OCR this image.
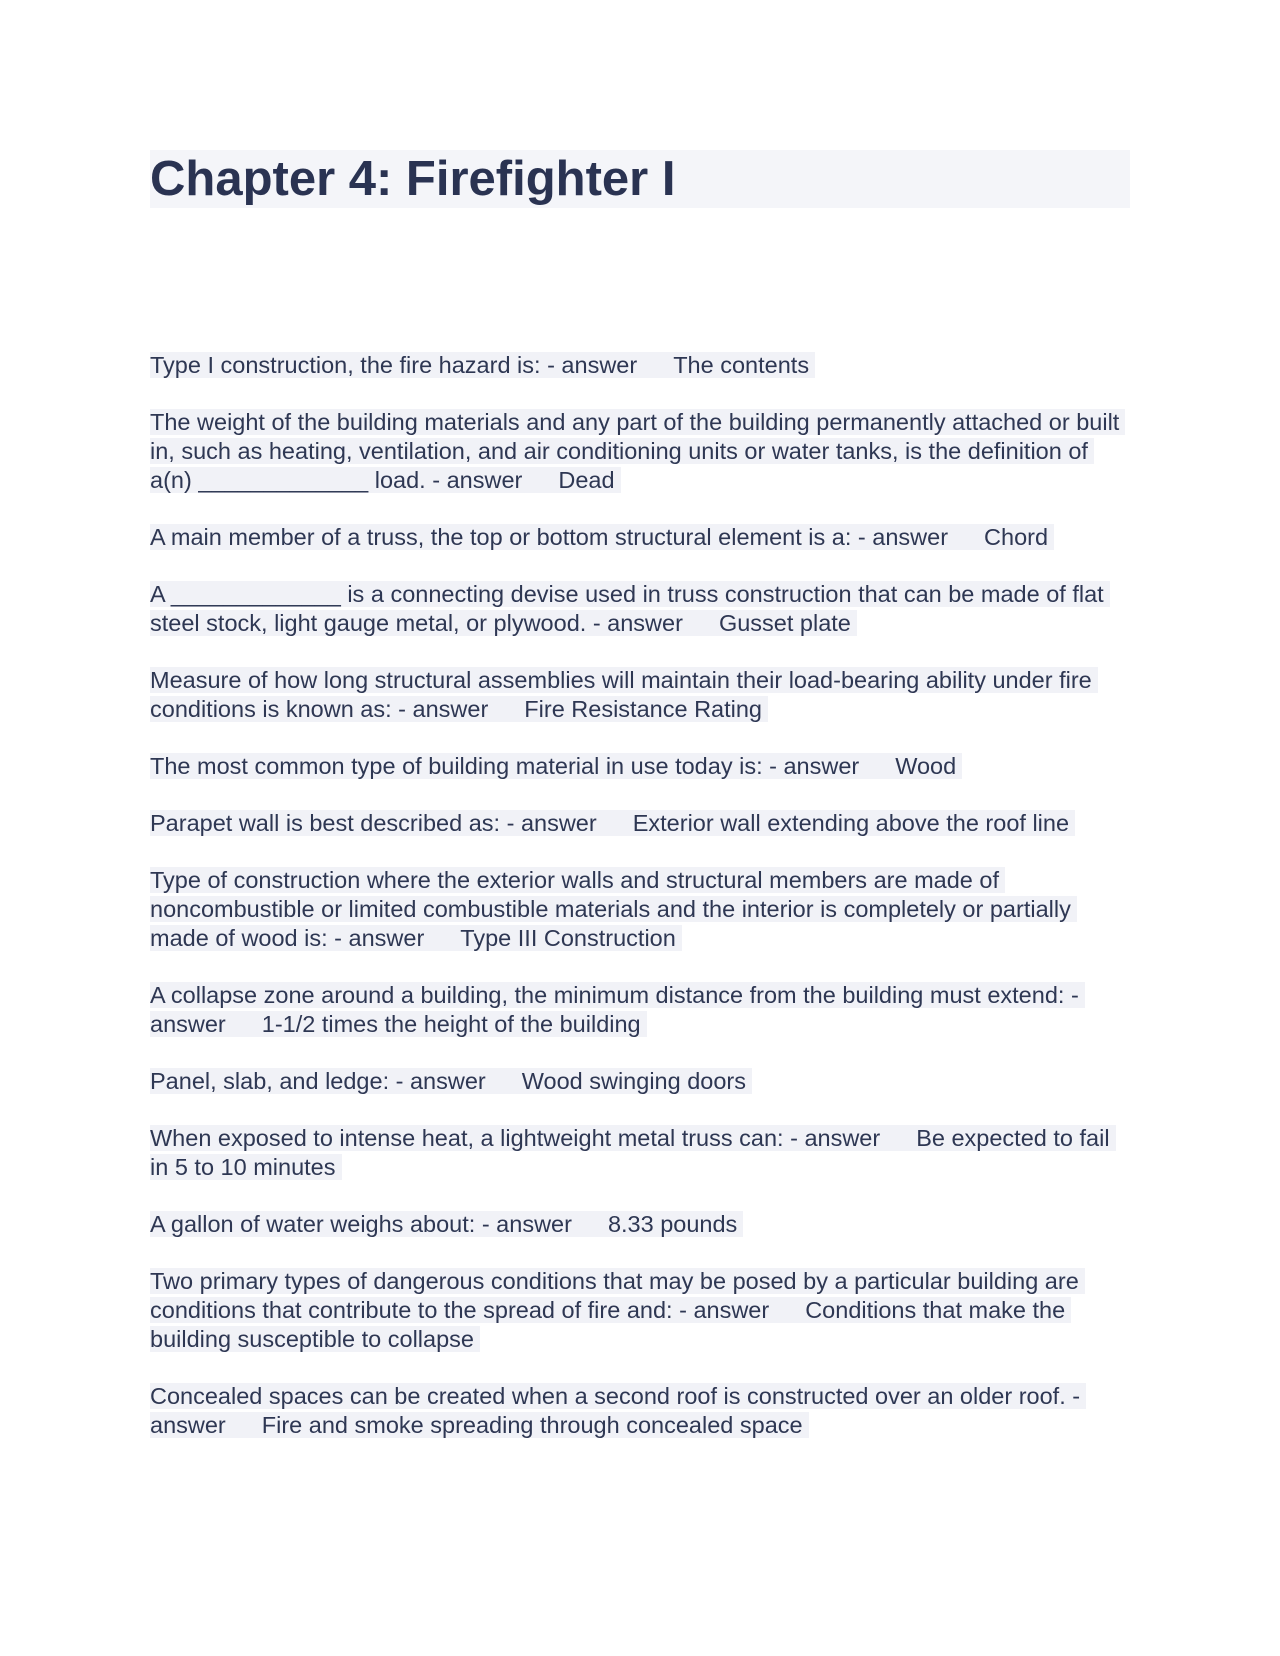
Chapter 4: Firefighter I

Type I construction, the fire hazard is: - answer The contents

The weight of the building materials and any part of the building permanently attached or built in, such as heating, ventilation, and air conditioning units or water tanks, is the definition of a(n) _____________ load. - answer Dead

A main member of a truss, the top or bottom structural element is a: - answer Chord

A _____________ is a connecting devise used in truss construction that can be made of flat steel stock, light gauge metal, or plywood. - answer Gusset plate

Measure of how long structural assemblies will maintain their load-bearing ability under fire conditions is known as: - answer Fire Resistance Rating

The most common type of building material in use today is: - answer Wood

Parapet wall is best described as: - answer Exterior wall extending above the roof line

Type of construction where the exterior walls and structural members are made of noncombustible or limited combustible materials and the interior is completely or partially made of wood is: - answer Type III Construction

A collapse zone around a building, the minimum distance from the building must extend: - answer 1-1/2 times the height of the building

Panel, slab, and ledge: - answer Wood swinging doors

When exposed to intense heat, a lightweight metal truss can: - answer Be expected to fail in 5 to 10 minutes

A gallon of water weighs about: - answer 8.33 pounds

Two primary types of dangerous conditions that may be posed by a particular building are conditions that contribute to the spread of fire and: - answer Conditions that make the building susceptible to collapse

Concealed spaces can be created when a second roof is constructed over an older roof. - answer Fire and smoke spreading through concealed space
